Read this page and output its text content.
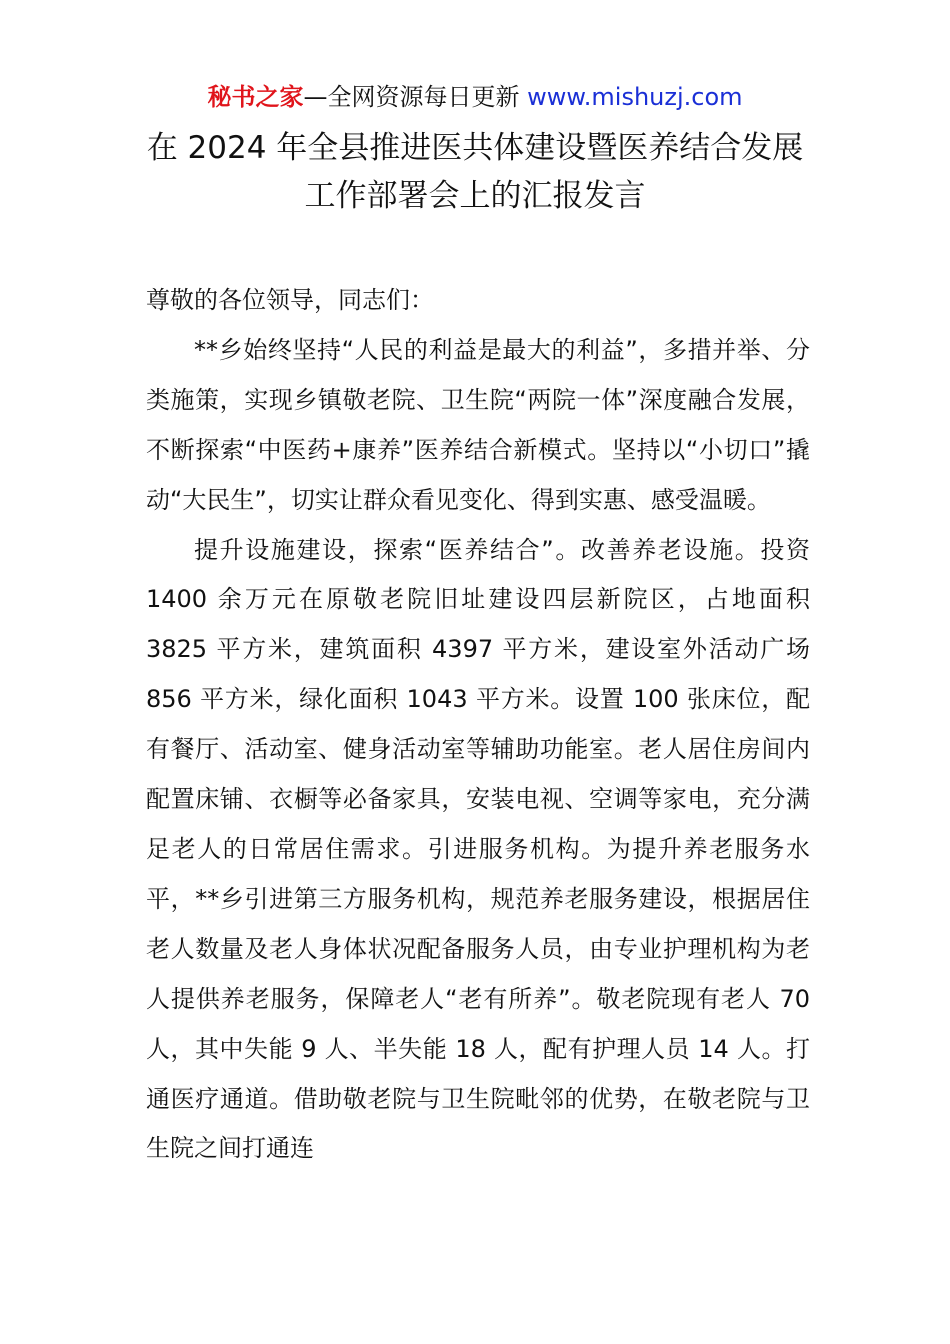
秘书之家—全网资源每日更新 www.mishuzj.com
在 2024 年全县推进医共体建设暨医养结合发展
工作部署会上的汇报发言

尊敬的各位领导，同志们：

**乡始终坚持“人民的利益是最大的利益”，多措并举、分类施策，实现乡镇敬老院、卫生院“两院一体”深度融合发展，不断探索“中医药+康养”医养结合新模式。坚持以“小切口”撬动“大民生”，切实让群众看见变化、得到实惠、感受温暖。

提升设施建设，探索“医养结合”。改善养老设施。投资 1400 余万元在原敬老院旧址建设四层新院区，占地面积 3825 平方米，建筑面积 4397 平方米，建设室外活动广场 856 平方米，绿化面积 1043 平方米。设置 100 张床位，配有餐厅、活动室、健身活动室等辅助功能室。老人居住房间内配置床铺、衣橱等必备家具，安装电视、空调等家电，充分满足老人的日常居住需求。引进服务机构。为提升养老服务水平，**乡引进第三方服务机构，规范养老服务建设，根据居住老人数量及老人身体状况配备服务人员，由专业护理机构为老人提供养老服务，保障老人“老有所养”。敬老院现有老人 70 人，其中失能 9 人、半失能 18 人，配有护理人员 14 人。打通医疗通道。借助敬老院与卫生院毗邻的优势，在敬老院与卫生院之间打通连
